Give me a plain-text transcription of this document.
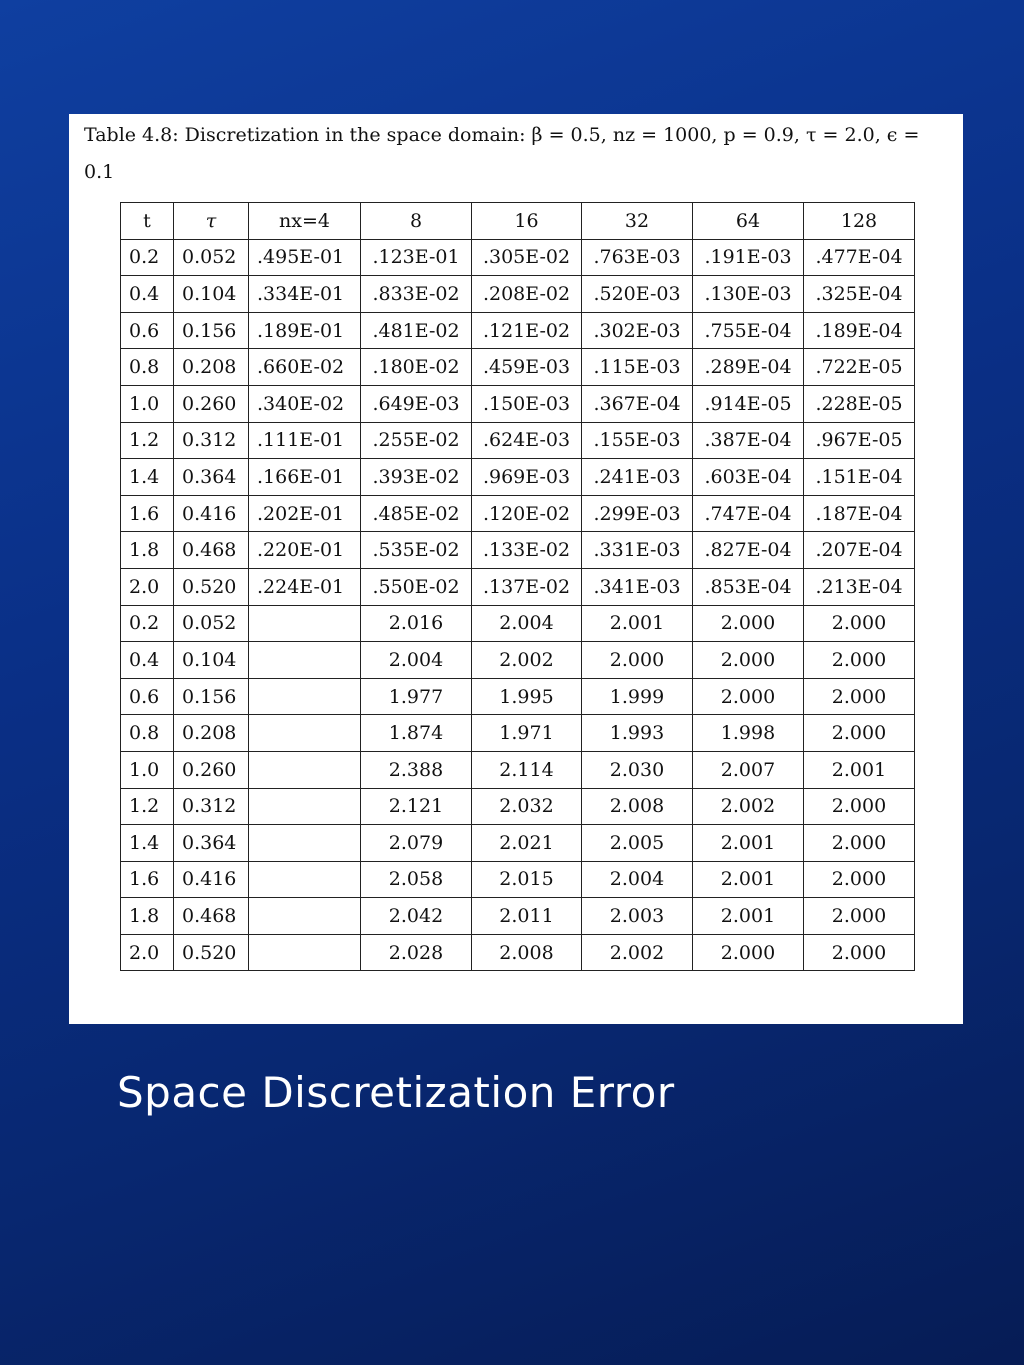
Table 4.8: Discretization in the space domain: β = 0.5, nz = 1000, p = 0.9, τ = 2.0, ϵ = 0.1

t	τ	nx=4	8	16	32	64	128
0.2	0.052	.495E-01	.123E-01	.305E-02	.763E-03	.191E-03	.477E-04
0.4	0.104	.334E-01	.833E-02	.208E-02	.520E-03	.130E-03	.325E-04
0.6	0.156	.189E-01	.481E-02	.121E-02	.302E-03	.755E-04	.189E-04
0.8	0.208	.660E-02	.180E-02	.459E-03	.115E-03	.289E-04	.722E-05
1.0	0.260	.340E-02	.649E-03	.150E-03	.367E-04	.914E-05	.228E-05
1.2	0.312	.111E-01	.255E-02	.624E-03	.155E-03	.387E-04	.967E-05
1.4	0.364	.166E-01	.393E-02	.969E-03	.241E-03	.603E-04	.151E-04
1.6	0.416	.202E-01	.485E-02	.120E-02	.299E-03	.747E-04	.187E-04
1.8	0.468	.220E-01	.535E-02	.133E-02	.331E-03	.827E-04	.207E-04
2.0	0.520	.224E-01	.550E-02	.137E-02	.341E-03	.853E-04	.213E-04
0.2	0.052		2.016	2.004	2.001	2.000	2.000
0.4	0.104		2.004	2.002	2.000	2.000	2.000
0.6	0.156		1.977	1.995	1.999	2.000	2.000
0.8	0.208		1.874	1.971	1.993	1.998	2.000
1.0	0.260		2.388	2.114	2.030	2.007	2.001
1.2	0.312		2.121	2.032	2.008	2.002	2.000
1.4	0.364		2.079	2.021	2.005	2.001	2.000
1.6	0.416		2.058	2.015	2.004	2.001	2.000
1.8	0.468		2.042	2.011	2.003	2.001	2.000
2.0	0.520		2.028	2.008	2.002	2.000	2.000
Space Discretization Error
